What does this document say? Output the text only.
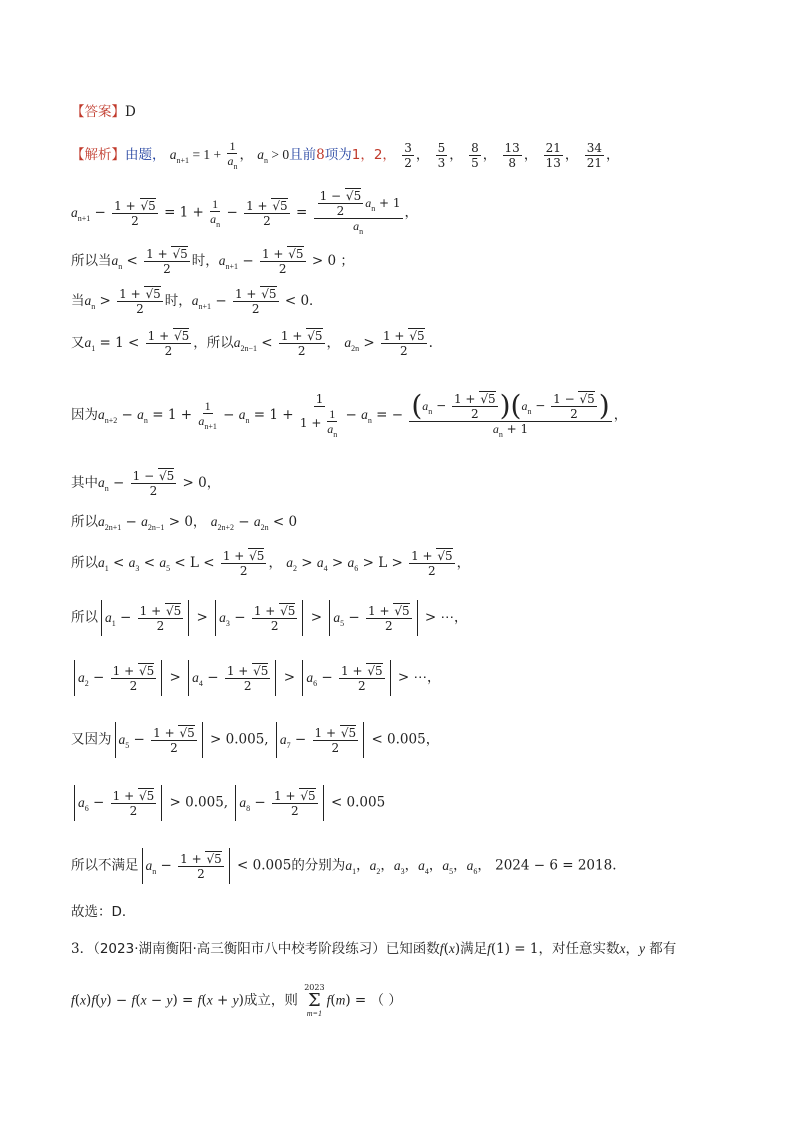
【答案】D
【解析】由题， $a_{n+1} = 1 + \frac{1}{a_n}$ ， $a_n > 0$且前8项为1，2， $\frac{3}{2}$ ， $\frac{5}{3}$ ， $\frac{8}{5}$ ， $\frac{13}{8}$ ， $\frac{21}{13}$ ， $\frac{34}{21}$ ，
$a_{n+1} - \frac{1 + √5}{2} = 1 + \frac{1}{a_n} - \frac{1 + √5}{2} = \frac{\frac{1 - √5}{2} a_n + 1}{a_n}$ ，
所以当$a_n < \frac{1 + √5}{2}$ 时，$a_{n+1} - \frac{1 + √5}{2} > 0$ ；
当$a_n > \frac{1 + √5}{2}$ 时，$a_{n+1} - \frac{1 + √5}{2} < 0$．
又$a_1 = 1 < \frac{1 + √5}{2}$ ，所以$a_{2n-1} < \frac{1 + √5}{2}$ ， $a_{2n} > \frac{1 + √5}{2}$ .
因为$a_{n+2} - a_n = 1 + \frac{1}{a_{n+1}} - a_n = 1 + \frac{1}{1 + \frac{1}{a_n}} - a_n$ = − $\frac{(a_n - \frac{1 + √5}{2} )(a_n - \frac{1 - √5}{2} )}{a_n + 1}$ ，
其中$a_n - \frac{1 - √5}{2} > 0$，
所以$a_{2n+1} - a_{2n-1} > 0$， $a_{2n+2} - a_{2n} < 0$
所以$a_1 < a_3 < a_5 < L < \frac{1 + √5}{2}$ ， $a_2 > a_4 > a_6 > L > \frac{1 + √5}{2}$ ，
所以 $a_1 - \frac{1 + √5}{2} > a_3 - \frac{1 + √5}{2} > a_5 - \frac{1 + √5}{2}$ > ⋯，
$a_2 - \frac{1 + √5}{2} > a_4 - \frac{1 + √5}{2} > a_6 - \frac{1 + √5}{2}$ > ⋯，
又因为 $a_5 - \frac{1 + √5}{2} > 0.005$, $a_7 - \frac{1 + √5}{2} < 0.005$，
$a_6 - \frac{1 + √5}{2} > 0.005$, $a_8 - \frac{1 + √5}{2} < 0.005$
所以不满足 $a_n - \frac{1 + √5}{2} < 0.005$的分别为$a_1$，$a_2$，$a_3$，$a_4$，$a_5$，$a_6$， 2024 − 6 = 2018.
故选：D．
3．（2023·湖南衡阳·高三衡阳市八中校考阶段练习）已知函数f(x)满足f(1) = 1，对任意实数x，y 都有
f(x)f(y) − f(x − y) = f(x + y)成立，则
2023
Σ
m=1
f(m) = （ ）
